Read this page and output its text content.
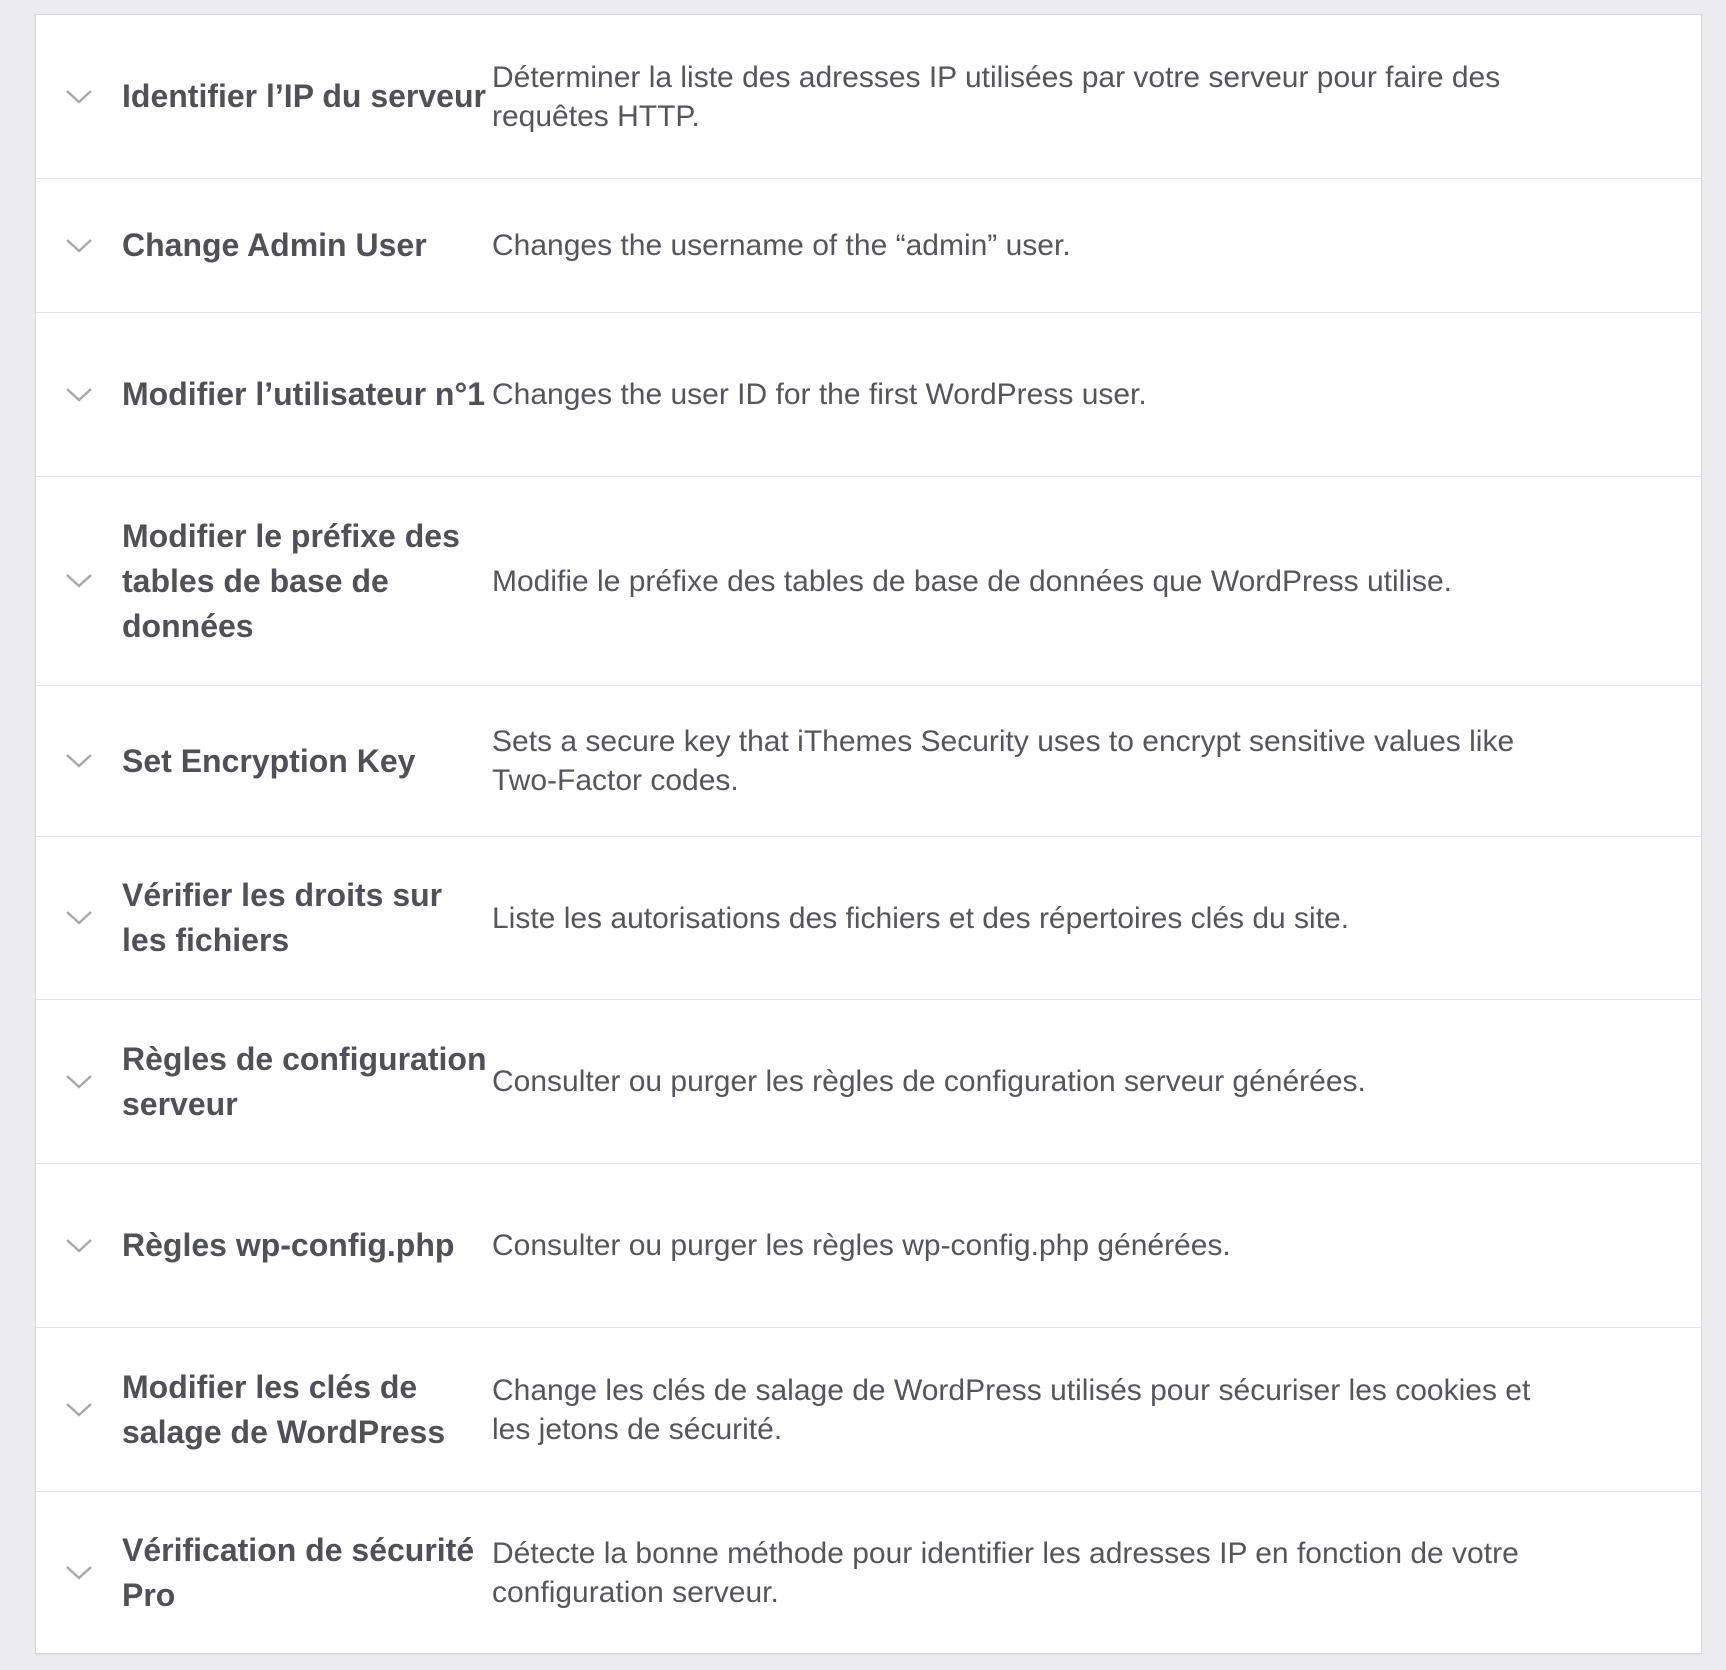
Identifier l’IP du serveur
Déterminer la liste des adresses IP utilisées par votre serveur pour faire des requêtes HTTP.
Change Admin User	Changes the username of the “admin” user.
Modifier l’utilisateur n°1 Changes the user ID for the first WordPress user.
Modifier le préfixe des tables de base de données
Modifie le préfixe des tables de base de données que WordPress utilise.
Set Encryption Key
Sets a secure key that iThemes Security uses to encrypt sensitive values like Two-Factor codes.
Vérifier les droits sur les fichiers
Liste les autorisations des fichiers et des répertoires clés du site.
Règles de configuration serveur
Consulter ou purger les règles de configuration serveur générées.
Règles wp-config.php	Consulter ou purger les règles wp-config.php générées.
Modifier les clés de salage de WordPress
Change les clés de salage de WordPress utilisés pour sécuriser les cookies et les jetons de sécurité.
Vérification de sécurité Pro
Détecte la bonne méthode pour identifier les adresses IP en fonction de votre configuration serveur.
